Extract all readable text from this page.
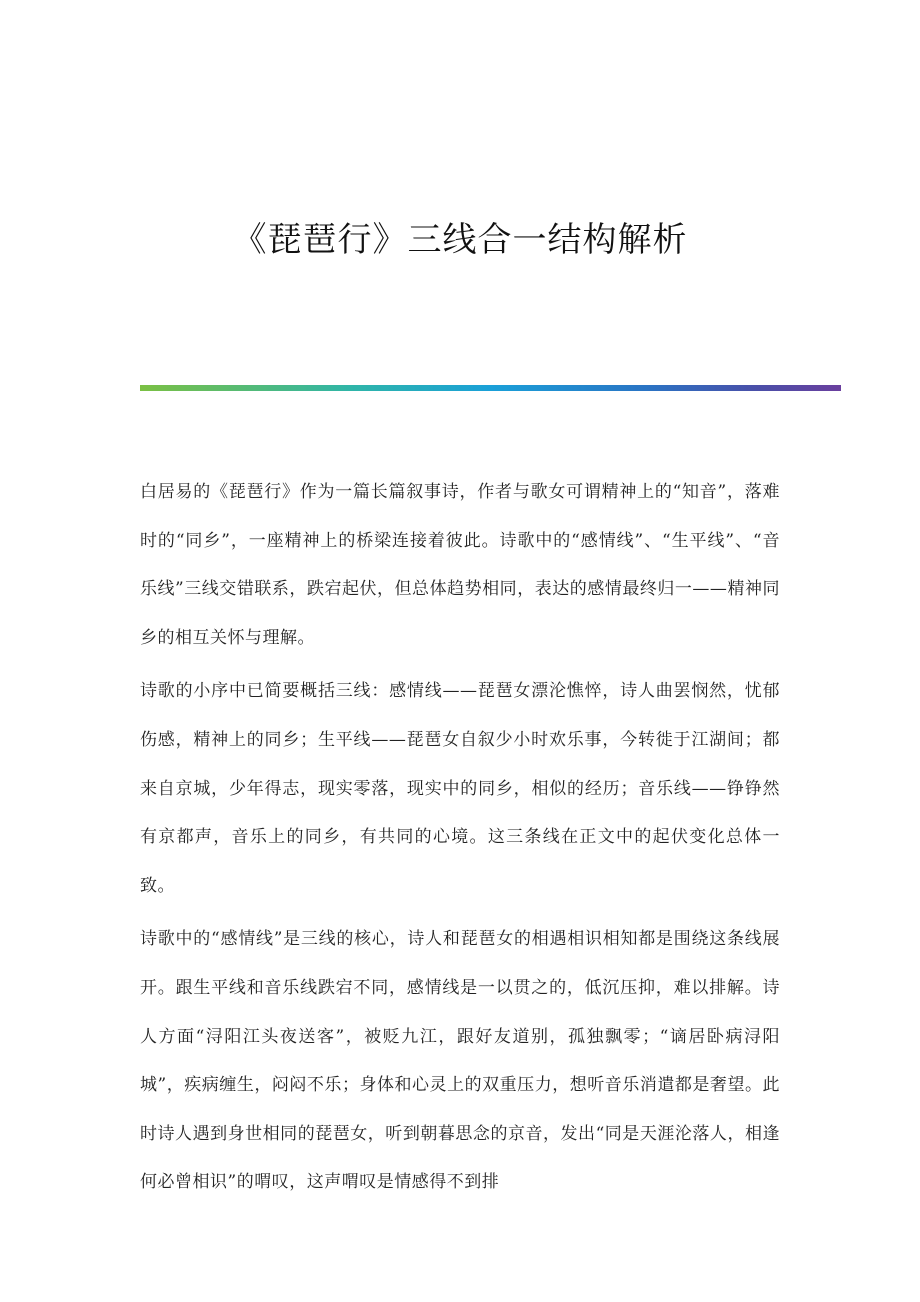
《琵琶行》三线合一结构解析

白居易的《琵琶行》作为一篇长篇叙事诗，作者与歌女可谓精神上的“知音”，落难时的“同乡”，一座精神上的桥梁连接着彼此。诗歌中的“感情线”、“生平线”、“音乐线”三线交错联系，跌宕起伏，但总体趋势相同，表达的感情最终归一——精神同乡的相互关怀与理解。

诗歌的小序中已简要概括三线：感情线——琵琶女漂沦憔悴，诗人曲罢悯然，忧郁伤感，精神上的同乡；生平线——琵琶女自叙少小时欢乐事，今转徙于江湖间；都来自京城，少年得志，现实零落，现实中的同乡，相似的经历；音乐线——铮铮然有京都声，音乐上的同乡，有共同的心境。这三条线在正文中的起伏变化总体一致。

诗歌中的“感情线”是三线的核心，诗人和琵琶女的相遇相识相知都是围绕这条线展开。跟生平线和音乐线跌宕不同，感情线是一以贯之的，低沉压抑，难以排解。诗人方面“浔阳江头夜送客”，被贬九江，跟好友道别，孤独飘零；“谪居卧病浔阳城”，疾病缠生，闷闷不乐；身体和心灵上的双重压力，想听音乐消遣都是奢望。此时诗人遇到身世相同的琵琶女，听到朝暮思念的京音，发出“同是天涯沦落人，相逢何必曾相识”的喟叹，这声喟叹是情感得不到排
